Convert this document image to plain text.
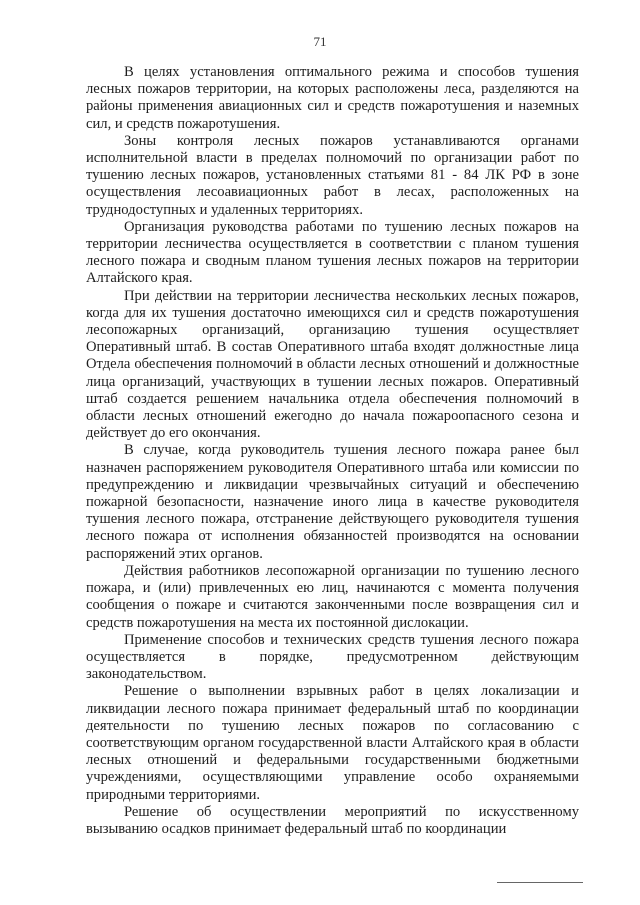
71

В целях установления оптимального режима и способов тушения лесных пожаров территории, на которых расположены леса, разделяются на районы применения авиационных сил и средств пожаротушения и наземных сил, и средств пожаротушения.

Зоны контроля лесных пожаров устанавливаются органами исполнительной власти в пределах полномочий по организации работ по тушению лесных пожаров, установленных статьями 81 - 84 ЛК РФ в зоне осуществления лесоавиационных работ в лесах, расположенных на труднодоступных и удаленных территориях.

Организация руководства работами по тушению лесных пожаров на территории лесничества осуществляется в соответствии с планом тушения лесного пожара и сводным планом тушения лесных пожаров на территории Алтайского края.

При действии на территории лесничества нескольких лесных пожаров, когда для их тушения достаточно имеющихся сил и средств пожаротушения лесопожарных организаций, организацию тушения осуществляет Оперативный штаб. В состав Оперативного штаба входят должностные лица Отдела обеспечения полномочий в области лесных отношений и должностные лица организаций, участвующих в тушении лесных пожаров. Оперативный штаб создается решением начальника отдела обеспечения полномочий в области лесных отношений ежегодно до начала пожароопасного сезона и действует до его окончания.

В случае, когда руководитель тушения лесного пожара ранее был назначен распоряжением руководителя Оперативного штаба или комиссии по предупреждению и ликвидации чрезвычайных ситуаций и обеспечению пожарной безопасности, назначение иного лица в качестве руководителя тушения лесного пожара, отстранение действующего руководителя тушения лесного пожара от исполнения обязанностей производятся на основании распоряжений этих органов.

Действия работников лесопожарной организации по тушению лесного пожара, и (или) привлеченных ею лиц, начинаются с момента получения сообщения о пожаре и считаются законченными после возвращения сил и средств пожаротушения на места их постоянной дислокации.

Применение способов и технических средств тушения лесного пожара осуществляется в порядке, предусмотренном действующим законодательством.

Решение о выполнении взрывных работ в целях локализации и ликвидации лесного пожара принимает федеральный штаб по координации деятельности по тушению лесных пожаров по согласованию с соответствующим органом государственной власти Алтайского края в области лесных отношений и федеральными государственными бюджетными учреждениями, осуществляющими управление особо охраняемыми природными территориями.

Решение об осуществлении мероприятий по искусственному вызыванию осадков принимает федеральный штаб по координации
